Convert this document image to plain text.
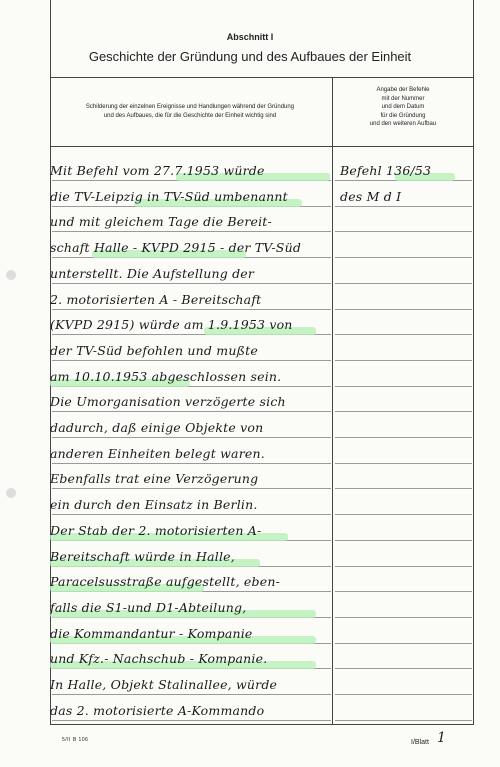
Abschnitt I
Geschichte der Gründung und des Aufbaues der Einheit
Schilderung der einzelnen Ereignisse und Handlungen während der Gründung
und des Aufbaues, die für die Geschichte der Einheit wichtig sind
Angabe der Befehle
mit der Nummer
und dem Datum
für die Gründung
und den weiteren Aufbau
Mit Befehl vom 27.7.1953 würde
die TV-Leipzig in TV-Süd umbenannt
und mit gleichem Tage die Bereit-
schaft Halle - KVPD 2915 - der TV-Süd
unterstellt. Die Aufstellung der
2. motorisierten A - Bereitschaft
(KVPD 2915) würde am 1.9.1953 von
der TV-Süd befohlen und mußte
am 10.10.1953 abgeschlossen sein.
Die Umorganisation verzögerte sich
dadurch, daß einige Objekte von
anderen Einheiten belegt waren.
Ebenfalls trat eine Verzögerung
ein durch den Einsatz in Berlin.
Der Stab der 2. motorisierten A-
Bereitschaft würde in Halle,
Paracelsusstraße aufgestellt, eben-
falls die S1-und D1-Abteilung,
die Kommandantur - Kompanie
und Kfz.- Nachschub - Kompanie.
In Halle, Objekt Stalinallee, würde
das 2. motorisierte A-Kommando
Befehl 136/53
des M d I
5/II B 106	I/Blatt 1
